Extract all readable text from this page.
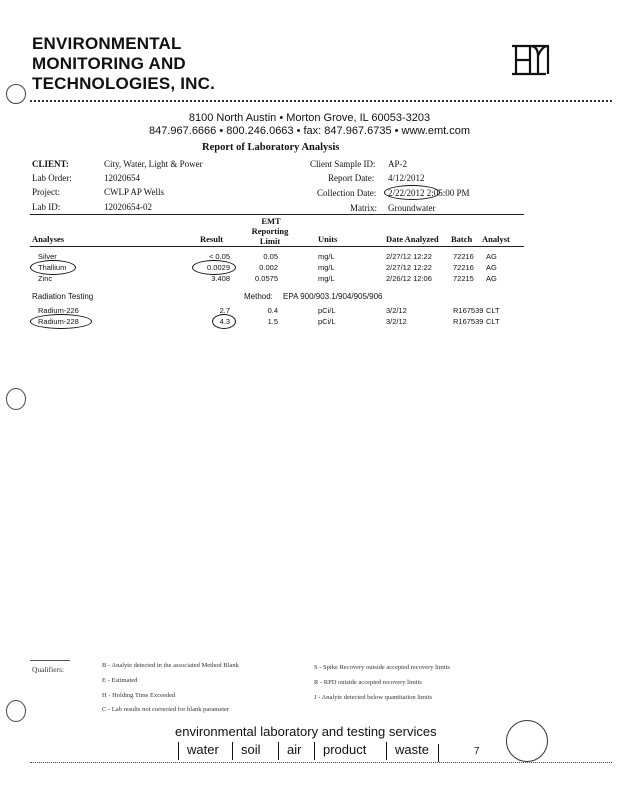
ENVIRONMENTAL
MONITORING AND
TECHNOLOGIES, INC.
8100 North Austin • Morton Grove, IL 60053-3203
847.967.6666 • 800.246.0663 • fax: 847.967.6735 • www.emt.com
Report of Laboratory Analysis
CLIENT:	City, Water, Light & Power
Lab Order:	12020654
Project:	CWLP AP Wells
Lab ID:	12020654-02
Client Sample ID: AP-2
Report Date: 4/12/2012
Collection Date: 2/22/2012 2:05:00 PM
Matrix: Groundwater
EMT
Reporting
Limit
Analyses	Result	Units	Date Analyzed Batch Analyst
Silver	< 0.05	0.05	mg/L	2/27/12 12:22	72216 AG
Thallium	0.0029	0.002	mg/L	2/27/12 12:22	72216 AG
Zinc	3.408	0.0575	mg/L	2/26/12 12:06	72215 AG
Radiation Testing	Method: EPA 900/903.1/904/905/906
Radium-226	2.7	0.4	pCi/L	3/2/12	R167539 CLT
Radium-228	4.3	1.5	pCi/L	3/2/12	R167539 CLT
Qualifiers:	B - Analyte detected in the associated Method Blank
E - Estimated
H - Holding Time Exceeded
C - Lab results not corrected for blank parameter
S - Spike Recovery outside accepted recovery limits
R - RPD outside accepted recovery limits
J - Analyte detected below quantitation limits
environmental laboratory and testing services
water	soil	air	product	waste	7
